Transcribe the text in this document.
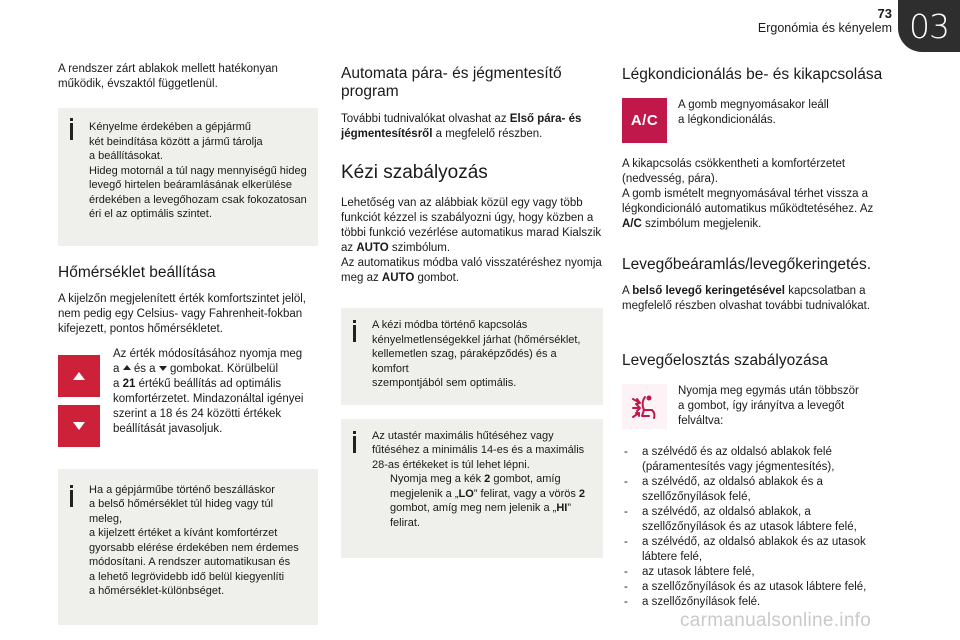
73
Ergonómia és kényelem 03

A rendszer zárt ablakok mellett hatékonyan működik, évszaktól függetlenül.

Kényelme érdekében a gépjármű
két beindítása között a jármű tárolja
a beállításokat.
Hideg motornál a túl nagy mennyiségű hideg
levegő hirtelen beáramlásának elkerülése
érdekében a levegőhozam csak fokozatosan
éri el az optimális szintet.
Hőmérséklet beállítása

A kijelzőn megjelenített érték komfortszintet jelöl, nem pedig egy Celsius- vagy Fahrenheit-fokban kifejezett, pontos hőmérsékletet.

Az érték módosításához nyomja meg
a és a gombokat. Körülbelül
a 21 értékű beállítás ad optimális komfortérzetet. Mindazonáltal igényei szerint a 18 és 24 közötti értékek beállítását javasoljuk.

Ha a gépjárműbe történő beszálláskor
a belső hőmérséklet túl hideg vagy túl meleg,
a kijelzett értéket a kívánt komfortérzet
gyorsabb elérése érdekében nem érdemes
módosítani. A rendszer automatikusan és
a lehető legrövidebb idő belül kiegyenlíti
a hőmérséklet-különbséget.
Automata pára- és jégmentesítő program

További tudnivalókat olvashat az Első pára- és jégmentesítésről a megfelelő részben.

Kézi szabályozás

Lehetőség van az alábbiak közül egy vagy több funkciót kézzel is szabályozni úgy, hogy közben a többi funkció vezérlése automatikus marad Kialszik az AUTO szimbólum.
Az automatikus módba való visszatéréshez nyomja meg az AUTO gombot.

A kézi módba történő kapcsolás
kényelmetlenségekkel járhat (hőmérséklet,
kellemetlen szag, páraképződés) és a komfort
szempontjából sem optimális.
Az utastér maximális hűtéséhez vagy
fűtéséhez a minimális 14-es és a maximális
28-as értékeket is túl lehet lépni.
Nyomja meg a kék 2 gombot, amíg megjelenik a „LO” felirat, vagy a vörös 2 gombot, amíg meg nem jelenik a „HI” felirat.
Légkondicionálás be- és kikapcsolása
A/C

A gomb megnyomásakor leáll a légkondicionálás.

A kikapcsolás csökkentheti a komfortérzetet (nedvesség, pára).
A gomb ismételt megnyomásával térhet vissza a légkondicionáló automatikus működtetéséhez. Az A/C szimbólum megjelenik.

Levegőbeáramlás/levegőkeringetés.

A belső levegő keringetésével kapcsolatban a megfelelő részben olvashat további tudnivalókat.

Levegőelosztás szabályozása

Nyomja meg egymás után többször a gombot, így irányítva a levegőt felváltva:

- a szélvédő és az oldalsó ablakok felé (páramentesítés vagy jégmentesítés),
- a szélvédő, az oldalsó ablakok és a szellőzőnyílások felé,
- a szélvédő, az oldalsó ablakok, a szellőzőnyílások és az utasok lábtere felé,
- a szélvédő, az oldalsó ablakok és az utasok lábtere felé,
- az utasok lábtere felé,
- a szellőzőnyílások és az utasok lábtere felé,
- a szellőzőnyílások felé.
carmanualsonline.info
